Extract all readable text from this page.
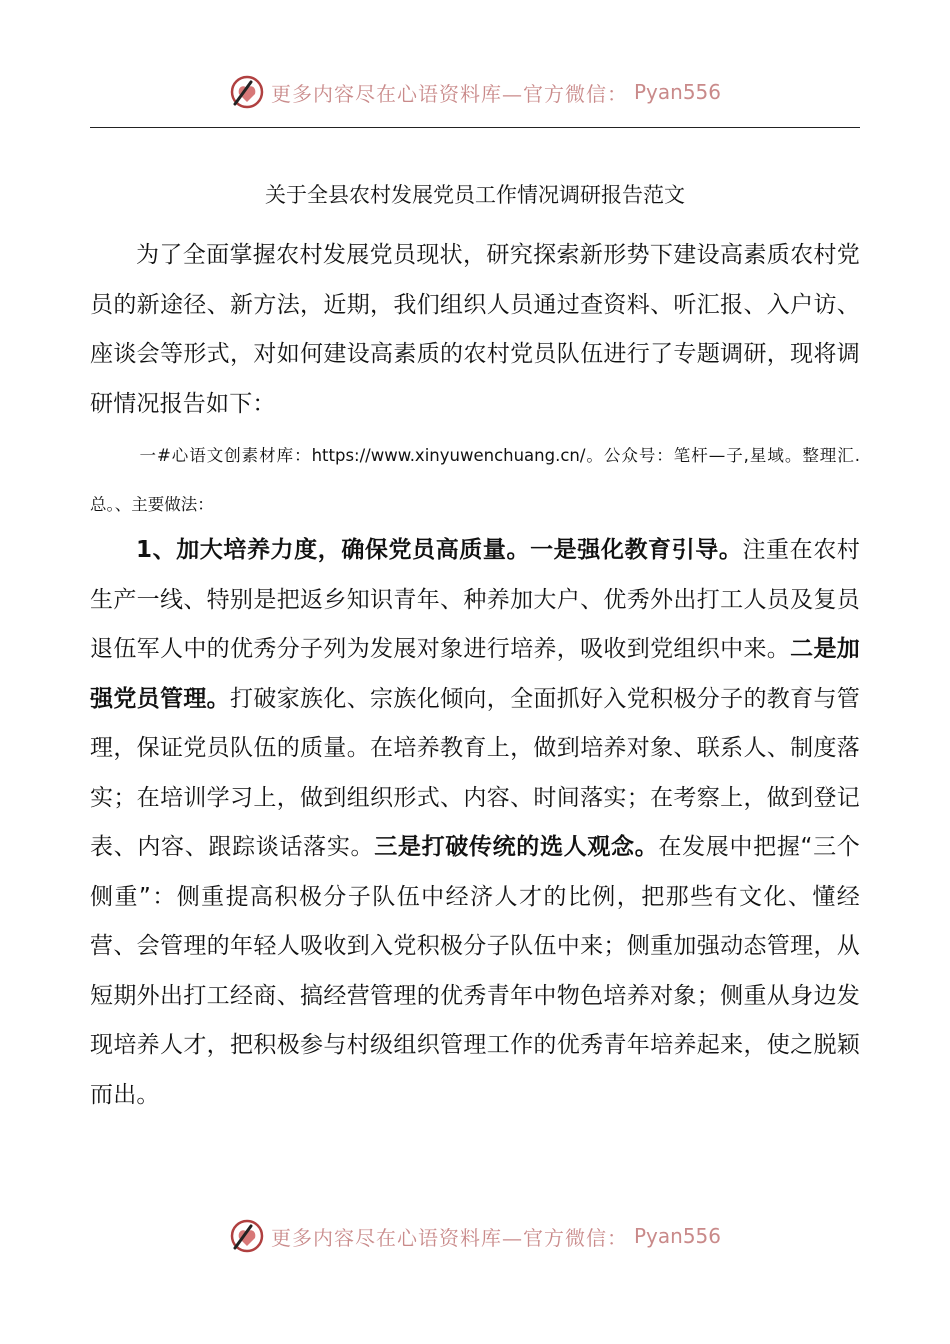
更多内容尽在心语资料库—官方微信： Pyan556
关于全县农村发展党员工作情况调研报告范文
为了全面掌握农村发展党员现状，研究探索新形势下建设高素质农村党员的新途径、新方法，近期，我们组织人员通过查资料、听汇报、入户访、座谈会等形式，对如何建设高素质的农村党员队伍进行了专题调研，现将调研情况报告如下：
一#心语文创素材库：https://www.xinyuwenchuang.cn/。公众号：笔杆—子,星域。整理汇.总。、主要做法：
1、加大培养力度，确保党员高质量。一是强化教育引导。注重在农村生产一线、特别是把返乡知识青年、种养加大户、优秀外出打工人员及复员退伍军人中的优秀分子列为发展对象进行培养，吸收到党组织中来。二是加强党员管理。打破家族化、宗族化倾向，全面抓好入党积极分子的教育与管理，保证党员队伍的质量。在培养教育上，做到培养对象、联系人、制度落实；在培训学习上，做到组织形式、内容、时间落实；在考察上，做到登记表、内容、跟踪谈话落实。三是打破传统的选人观念。在发展中把握“三个侧重”：侧重提高积极分子队伍中经济人才的比例，把那些有文化、懂经营、会管理的年轻人吸收到入党积极分子队伍中来；侧重加强动态管理，从短期外出打工经商、搞经营管理的优秀青年中物色培养对象；侧重从身边发现培养人才，把积极参与村级组织管理工作的优秀青年培养起来，使之脱颖而出。
更多内容尽在心语资料库—官方微信： Pyan556
